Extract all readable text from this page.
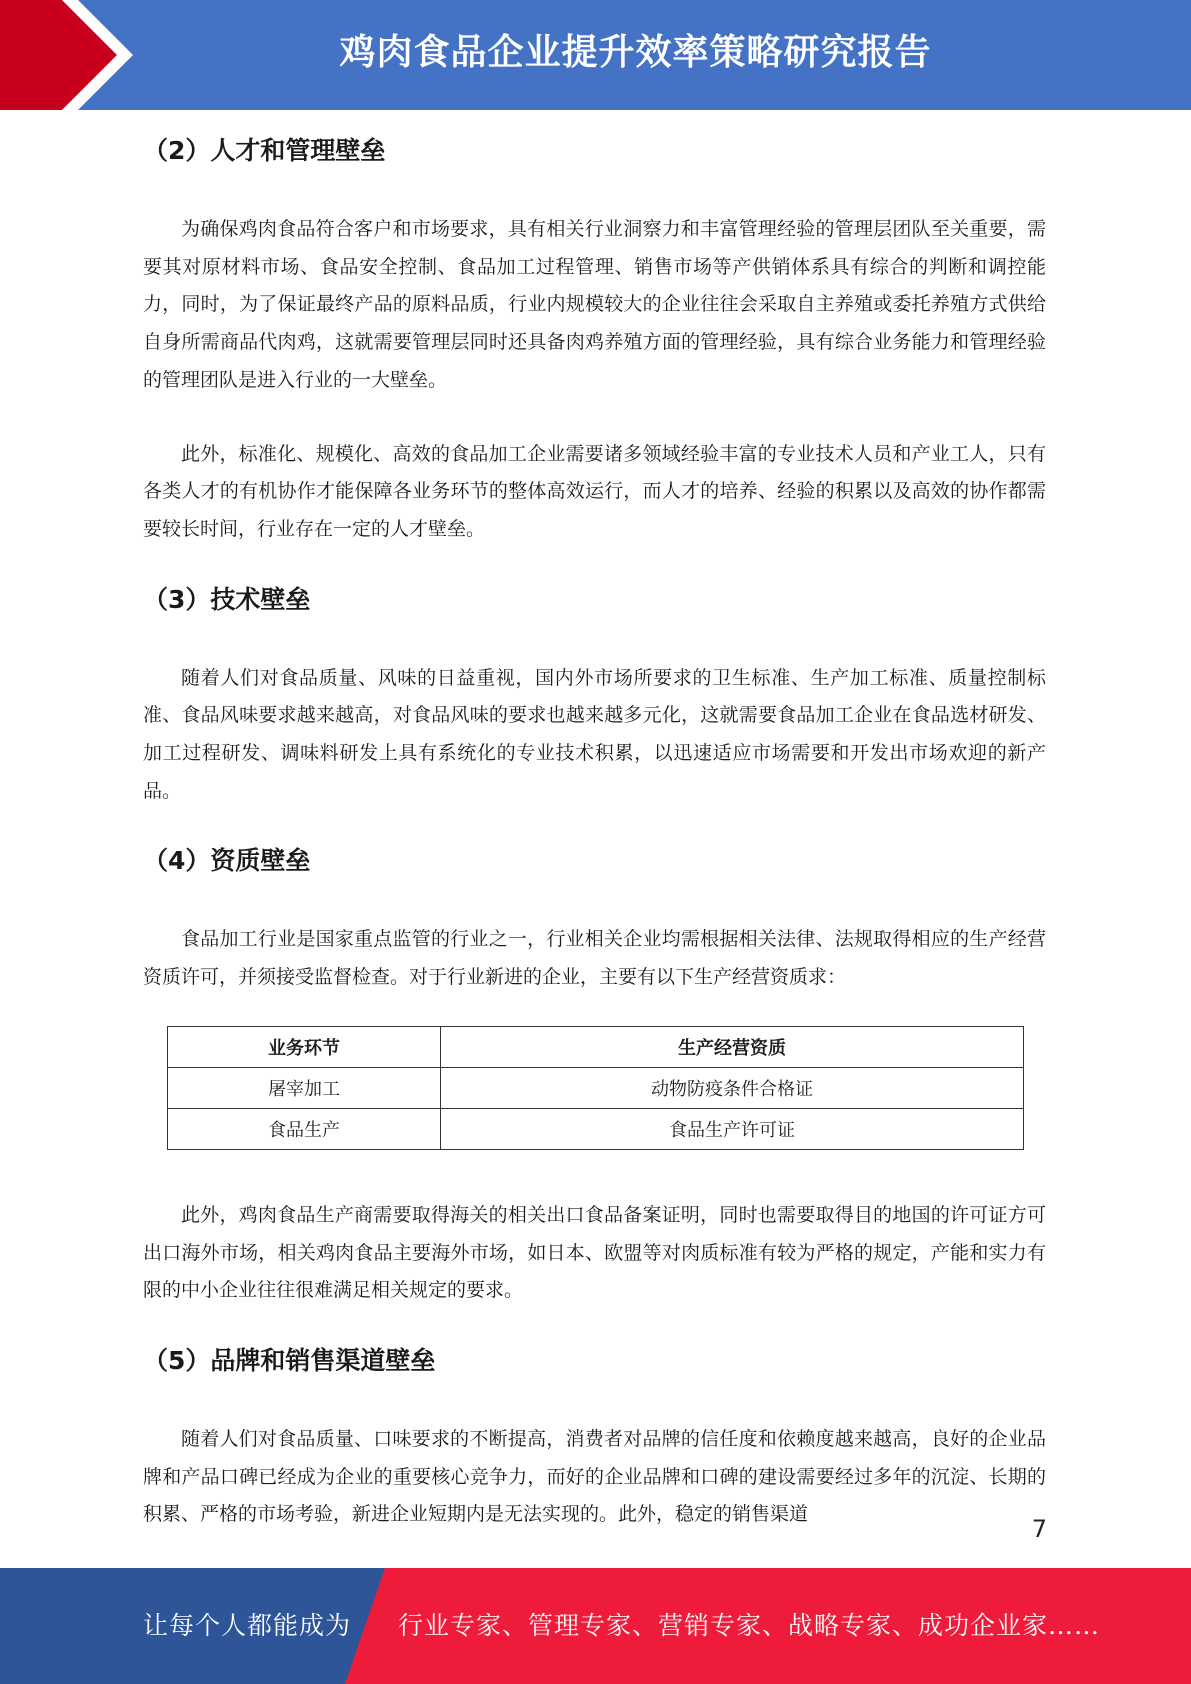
鸡肉食品企业提升效率策略研究报告
（2）人才和管理壁垒

为确保鸡肉食品符合客户和市场要求，具有相关行业洞察力和丰富管理经验的管理层团队至关重要，需要其对原材料市场、食品安全控制、食品加工过程管理、销售市场等产供销体系具有综合的判断和调控能力，同时，为了保证最终产品的原料品质，行业内规模较大的企业往往会采取自主养殖或委托养殖方式供给自身所需商品代肉鸡，这就需要管理层同时还具备肉鸡养殖方面的管理经验，具有综合业务能力和管理经验的管理团队是进入行业的一大壁垒。

此外，标准化、规模化、高效的食品加工企业需要诸多领域经验丰富的专业技术人员和产业工人，只有各类人才的有机协作才能保障各业务环节的整体高效运行，而人才的培养、经验的积累以及高效的协作都需要较长时间，行业存在一定的人才壁垒。

（3）技术壁垒

随着人们对食品质量、风味的日益重视，国内外市场所要求的卫生标准、生产加工标准、质量控制标准、食品风味要求越来越高，对食品风味的要求也越来越多元化，这就需要食品加工企业在食品选材研发、加工过程研发、调味料研发上具有系统化的专业技术积累，以迅速适应市场需要和开发出市场欢迎的新产品。

（4）资质壁垒

食品加工行业是国家重点监管的行业之一，行业相关企业均需根据相关法律、法规取得相应的生产经营资质许可，并须接受监督检查。对于行业新进的企业，主要有以下生产经营资质求：

业务环节	生产经营资质
屠宰加工	动物防疫条件合格证
食品生产	食品生产许可证

此外，鸡肉食品生产商需要取得海关的相关出口食品备案证明，同时也需要取得目的地国的许可证方可出口海外市场，相关鸡肉食品主要海外市场，如日本、欧盟等对肉质标准有较为严格的规定，产能和实力有限的中小企业往往很难满足相关规定的要求。

（5）品牌和销售渠道壁垒

随着人们对食品质量、口味要求的不断提高，消费者对品牌的信任度和依赖度越来越高，良好的企业品牌和产品口碑已经成为企业的重要核心竞争力，而好的企业品牌和口碑的建设需要经过多年的沉淀、长期的积累、严格的市场考验，新进企业短期内是无法实现的。此外，稳定的销售渠道

7
让每个人都能成为 行业专家、管理专家、营销专家、战略专家、成功企业家……
